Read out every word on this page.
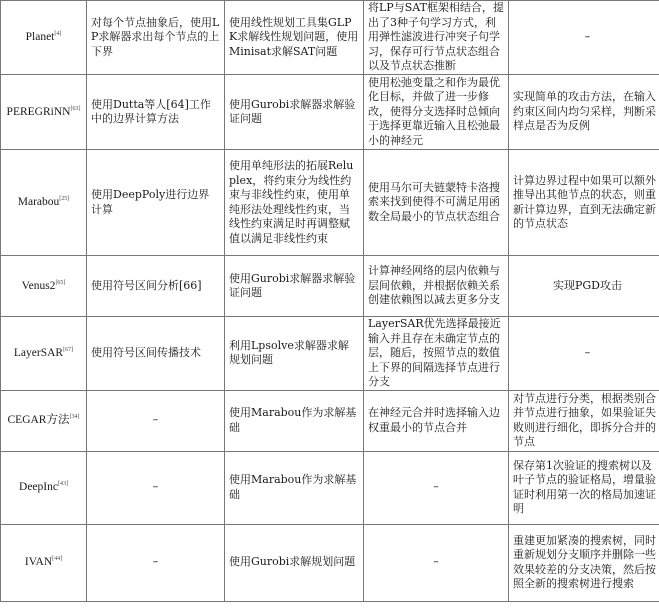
Planet[4]	对每个节点抽象后，使用LP求解器求出每个节点的上下界	使用线性规划工具集GLPK求解线性规划问题，使用Minisat求解SAT问题	将LP与SAT框架相结合，提出了3种子句学习方式，利用弹性滤波进行冲突子句学习，保存可行节点状态组合以及节点状态推断	–
PEREGRiNN[63]	使用Dutta等人[64]工作中的边界计算方法	使用Gurobi求解器求解验证问题	使用松弛变量之和作为最优化目标，并做了进一步修改，使得分支选择时总倾向于选择更靠近输入且松弛最小的神经元	实现简单的攻击方法，在输入约束区间内均匀采样，判断采样点是否为反例
Marabou[25]	使用DeepPoly进行边界计算	使用单纯形法的拓展Reluplex，将约束分为线性约束与非线性约束，使用单纯形法处理线性约束，当线性约束满足时再调整赋值以满足非线性约束	使用马尔可夫链蒙特卡洛搜索来找到使得不可满足用函数全局最小的节点状态组合	计算边界过程中如果可以额外推导出其他节点的状态，则重新计算边界，直到无法确定新的节点状态
Venus2[65]	使用符号区间分析[66]	使用Gurobi求解器求解验证问题	计算神经网络的层内依赖与层间依赖，并根据依赖关系创建依赖图以减去更多分支	实现PGD攻击
LayerSAR[67]	使用符号区间传播技术	利用Lpsolve求解器求解规划问题	LayerSAR优先选择最接近输入并且存在未确定节点的层，随后，按照节点的数值上下界的间隔选择节点进行分支	–
CEGAR方法[34]	–	使用Marabou作为求解基础	在神经元合并时选择输入边权重最小的节点合并	对节点进行分类，根据类别合并节点进行抽象，如果验证失败则进行细化，即拆分合并的节点
DeepInc[43]	–	使用Marabou作为求解基础	–	保存第1次验证的搜索树以及叶子节点的验证格局，增量验证时利用第一次的格局加速证明
IVAN[44]	–	使用Gurobi求解规划问题	–	重建更加紧凑的搜索树，同时重新规划分支顺序并删除一些效果较差的分支决策，然后按照全新的搜索树进行搜索
